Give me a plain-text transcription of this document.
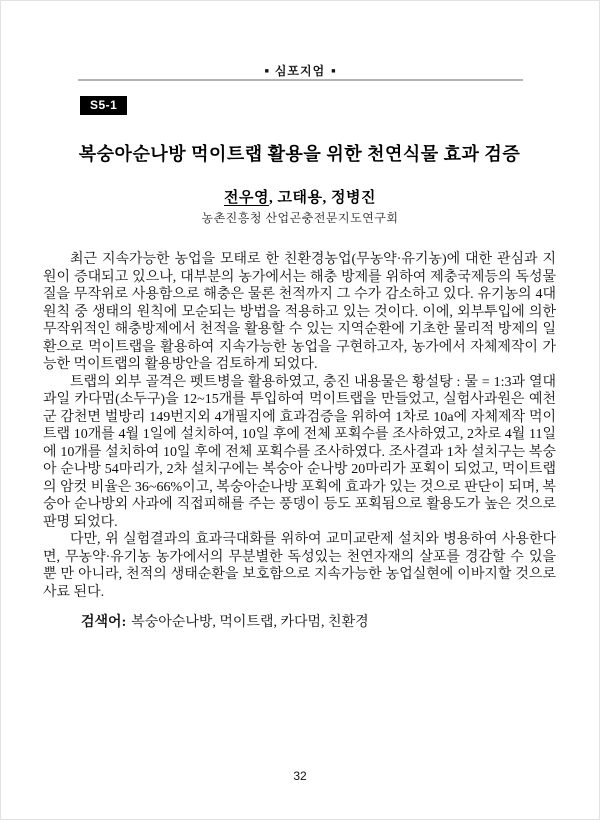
■ 심포지엄 ■
S5-1
복숭아순나방 먹이트랩 활용을 위한 천연식물 효과 검증
전우영, 고태용, 정병진
농촌진흥청 산업곤충전문지도연구회

최근 지속가능한 농업을 모태로 한 친환경농업(무농약·유기농)에 대한 관심과 지원이 증대되고 있으나, 대부분의 농가에서는 해충 방제를 위하여 제충국제등의 독성물질을 무작위로 사용함으로 해충은 물론 천적까지 그 수가 감소하고 있다. 유기농의 4대 원칙 중 생태의 원칙에 모순되는 방법을 적용하고 있는 것이다. 이에, 외부투입에 의한 무작위적인 해충방제에서 천적을 활용할 수 있는 지역순환에 기초한 물리적 방제의 일환으로 먹이트랩을 활용하여 지속가능한 농업을 구현하고자, 농가에서 자체제작이 가능한 먹이트랩의 활용방안을 검토하게 되었다.

트랩의 외부 골격은 펫트병을 활용하였고, 충진 내용물은 황설탕 : 물 = 1:3과 열대과일 카다멈(소두구)을 12~15개를 투입하여 먹이트랩을 만들었고, 실험사과원은 예천군 감천면 벌방리 149번지외 4개필지에 효과검증을 위하여 1차로 10a에 자체제작 먹이트랩 10개를 4월 1일에 설치하여, 10일 후에 전체 포획수를 조사하였고, 2차로 4월 11일에 10개를 설치하여 10일 후에 전체 포획수를 조사하였다. 조사결과 1차 설치구는 복숭아 순나방 54마리가, 2차 설치구에는 복숭아 순나방 20마리가 포획이 되었고, 먹이트랩의 암컷 비율은 36~66%이고, 복숭아순나방 포획에 효과가 있는 것으로 판단이 되며, 복숭아 순나방외 사과에 직접피해를 주는 풍뎅이 등도 포획됨으로 활용도가 높은 것으로 판명 되었다.

다만, 위 실험결과의 효과극대화를 위하여 교미교란제 설치와 병용하여 사용한다면, 무농약·유기농 농가에서의 무분별한 독성있는 천연자재의 살포를 경감할 수 있을 뿐 만 아니라, 천적의 생태순환을 보호함으로 지속가능한 농업실현에 이바지할 것으로 사료 된다.

검색어: 복숭아순나방, 먹이트랩, 카다멈, 친환경
32
